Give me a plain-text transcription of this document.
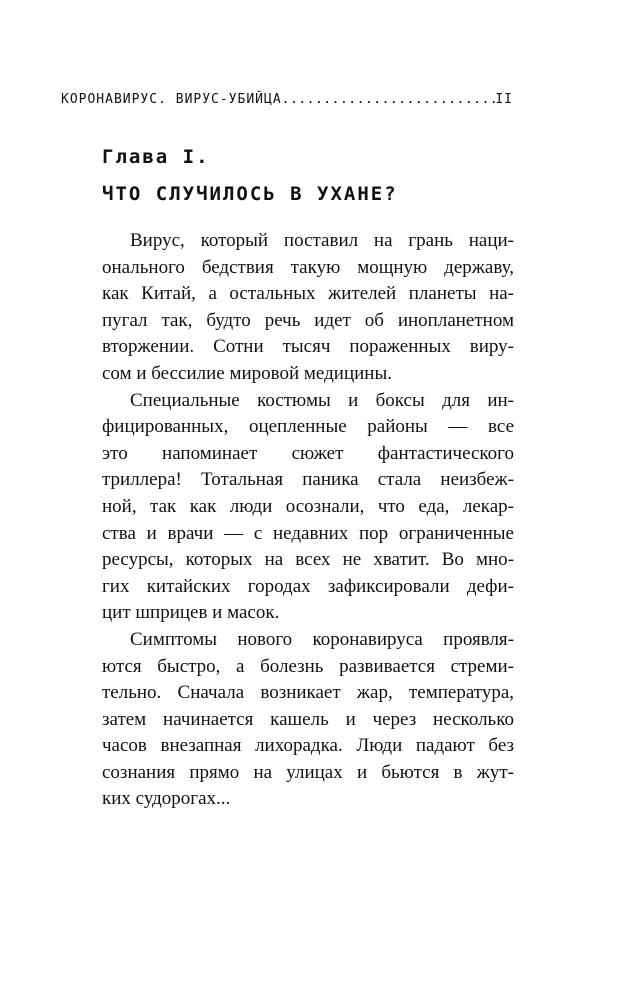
КОРОНАВИРУС. ВИРУС-УБИЙЦА
.....	II
Глава I.
ЧТО СЛУЧИЛОСЬ В УХАНЕ?
Вирус, который поставил на грань наци-
онального бедствия такую мощную державу,
как Китай, а остальных жителей планеты на-
пугал так, будто речь идет об инопланетном
вторжении. Сотни тысяч пораженных виру-
сом и бессилие мировой медицины.
Специальные костюмы и боксы для ин-
фицированных, оцепленные районы — все
это напоминает сюжет фантастического
триллера! Тотальная паника стала неизбеж-
ной, так как люди осознали, что еда, лекар-
ства и врачи — с недавних пор ограниченные
ресурсы, которых на всех не хватит. Во мно-
гих китайских городах зафиксировали дефи-
цит шприцев и масок.
Симптомы нового коронавируса проявля-
ются быстро, а болезнь развивается стреми-
тельно. Сначала возникает жар, температура,
затем начинается кашель и через несколько
часов внезапная лихорадка. Люди падают без
сознания прямо на улицах и бьются в жут-
ких судорогах...
